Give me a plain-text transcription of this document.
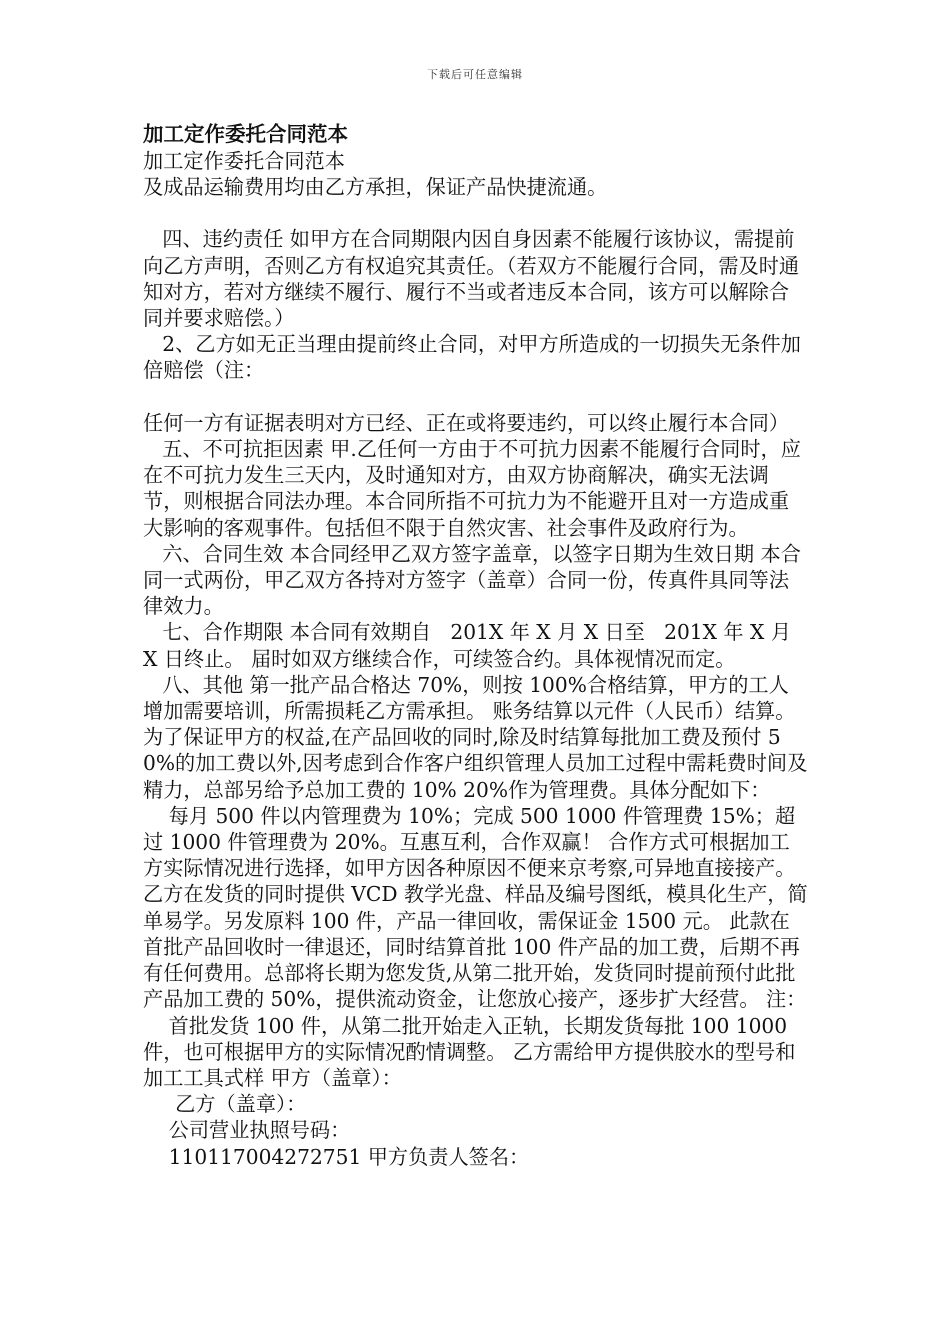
下载后可任意编辑
加工定作委托合同范本

加工定作委托合同范本

及成品运输费用均由乙方承担，保证产品快捷流通。

四、违约责任 如甲方在合同期限内因自身因素不能履行该协议，需提前向乙方声明，否则乙方有权追究其责任。（若双方不能履行合同，需及时通知对方，若对方继续不履行、履行不当或者违反本合同，该方可以解除合同并要求赔偿。）

2、乙方如无正当理由提前终止合同，对甲方所造成的一切损失无条件加倍赔偿（注：

任何一方有证据表明对方已经、正在或将要违约，可以终止履行本合同）

五、不可抗拒因素 甲.乙任何一方由于不可抗力因素不能履行合同时，应在不可抗力发生三天内，及时通知对方，由双方协商解决，确实无法调节，则根据合同法办理。本合同所指不可抗力为不能避开且对一方造成重大影响的客观事件。包括但不限于自然灾害、社会事件及政府行为。

六、合同生效 本合同经甲乙双方签字盖章，以签字日期为生效日期 本合同一式两份，甲乙双方各持对方签字（盖章）合同一份，传真件具同等法律效力。

七、合作期限 本合同有效期自   201X 年 X 月 X 日至   201X 年 X 月 X 日终止。 届时如双方继续合作，可续签合约。具体视情况而定。

八、其他 第一批产品合格达 70%，则按 100%合格结算，甲方的工人增加需要培训，所需损耗乙方需承担。 账务结算以元件（人民币）结算。 为了保证甲方的权益,在产品回收的同时,除及时结算每批加工费及预付 50%的加工费以外,因考虑到合作客户组织管理人员加工过程中需耗费时间及精力，总部另给予总加工费的 10% 20%作为管理费。具体分配如下：

每月 500 件以内管理费为 10%；完成 500 1000 件管理费 15%；超过 1000 件管理费为 20%。互惠互利，合作双赢！ 合作方式可根据加工方实际情况进行选择，如甲方因各种原因不便来京考察,可异地直接接产。乙方在发货的同时提供 VCD 教学光盘、样品及编号图纸，模具化生产，简单易学。另发原料 100 件，产品一律回收，需保证金 1500 元。 此款在首批产品回收时一律退还，同时结算首批 100 件产品的加工费，后期不再有任何费用。总部将长期为您发货,从第二批开始，发货同时提前预付此批产品加工费的 50%，提供流动资金，让您放心接产，逐步扩大经营。 注：

首批发货 100 件，从第二批开始走入正轨，长期发货每批 100 1000 件，也可根据甲方的实际情况酌情调整。 乙方需给甲方提供胶水的型号和加工工具式样 甲方（盖章）：

乙方（盖章）：

公司营业执照号码：

110117004272751 甲方负责人签名：
